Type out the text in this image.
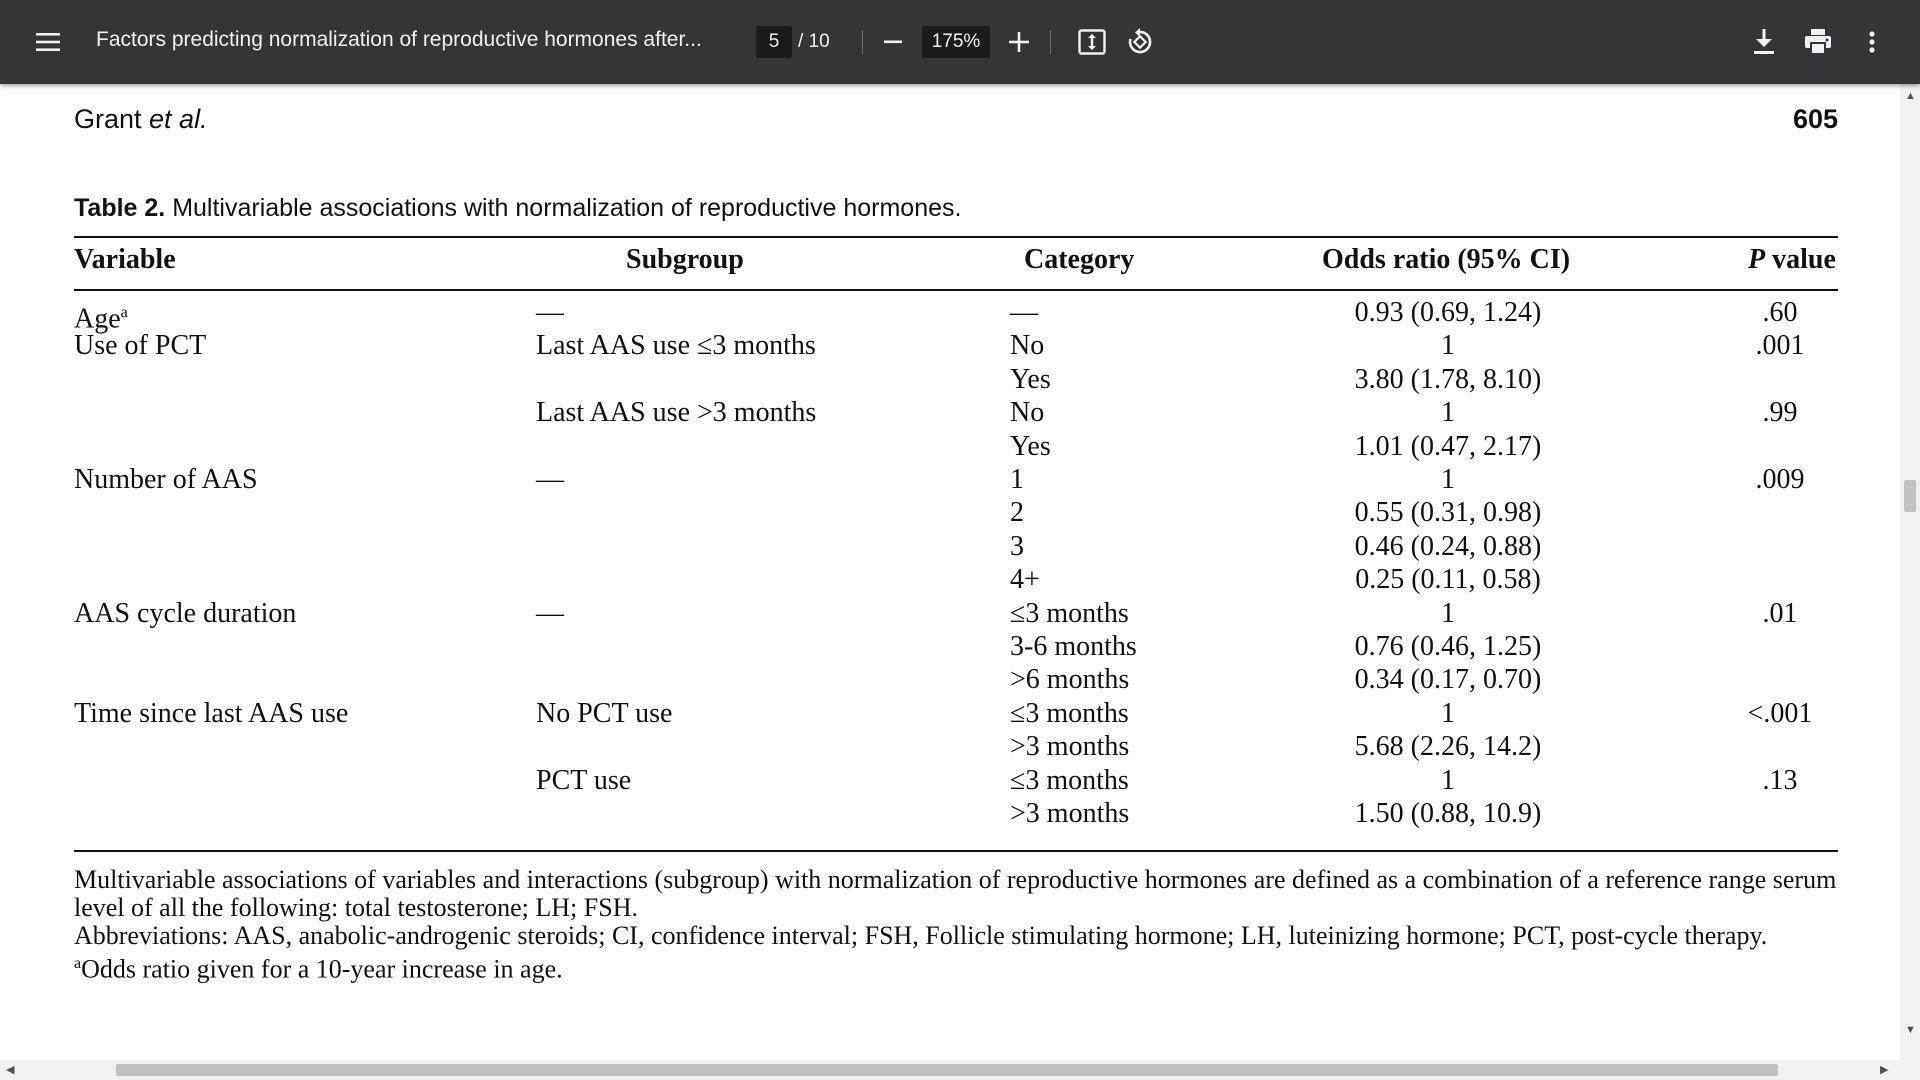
Factors predicting normalization of reproductive hormones after...	5 / 10	175%
Grant et al.	605
Table 2. Multivariable associations with normalization of reproductive hormones.
Variable	Subgroup	Category	Odds ratio (95% CI)	P value
Age$^a$	—	—	0.93 (0.69, 1.24)	.60
Use of PCT	Last AAS use ≤3 months	No	1	.001
Yes	3.80 (1.78, 8.10)
Last AAS use >3 months	No	1	.99
Yes	1.01 (0.47, 2.17)
Number of AAS	—	1	1	.009
2	0.55 (0.31, 0.98)
3	0.46 (0.24, 0.88)
4+	0.25 (0.11, 0.58)
AAS cycle duration	—	≤3 months	1	.01
3-6 months	0.76 (0.46, 1.25)
>6 months	0.34 (0.17, 0.70)
Time since last AAS use	No PCT use	≤3 months	1	<.001
>3 months	5.68 (2.26, 14.2)
PCT use	≤3 months	1	.13
>3 months	1.50 (0.88, 10.9)
Multivariable associations of variables and interactions (subgroup) with normalization of reproductive hormones are defined as a combination of a reference range serum level of all the following: total testosterone; LH; FSH.
Abbreviations: AAS, anabolic-androgenic steroids; CI, confidence interval; FSH, Follicle stimulating hormone; LH, luteinizing hormone; PCT, post-cycle therapy.
$^a$Odds ratio given for a 10-year increase in age.
▲
▼
◀	▶
